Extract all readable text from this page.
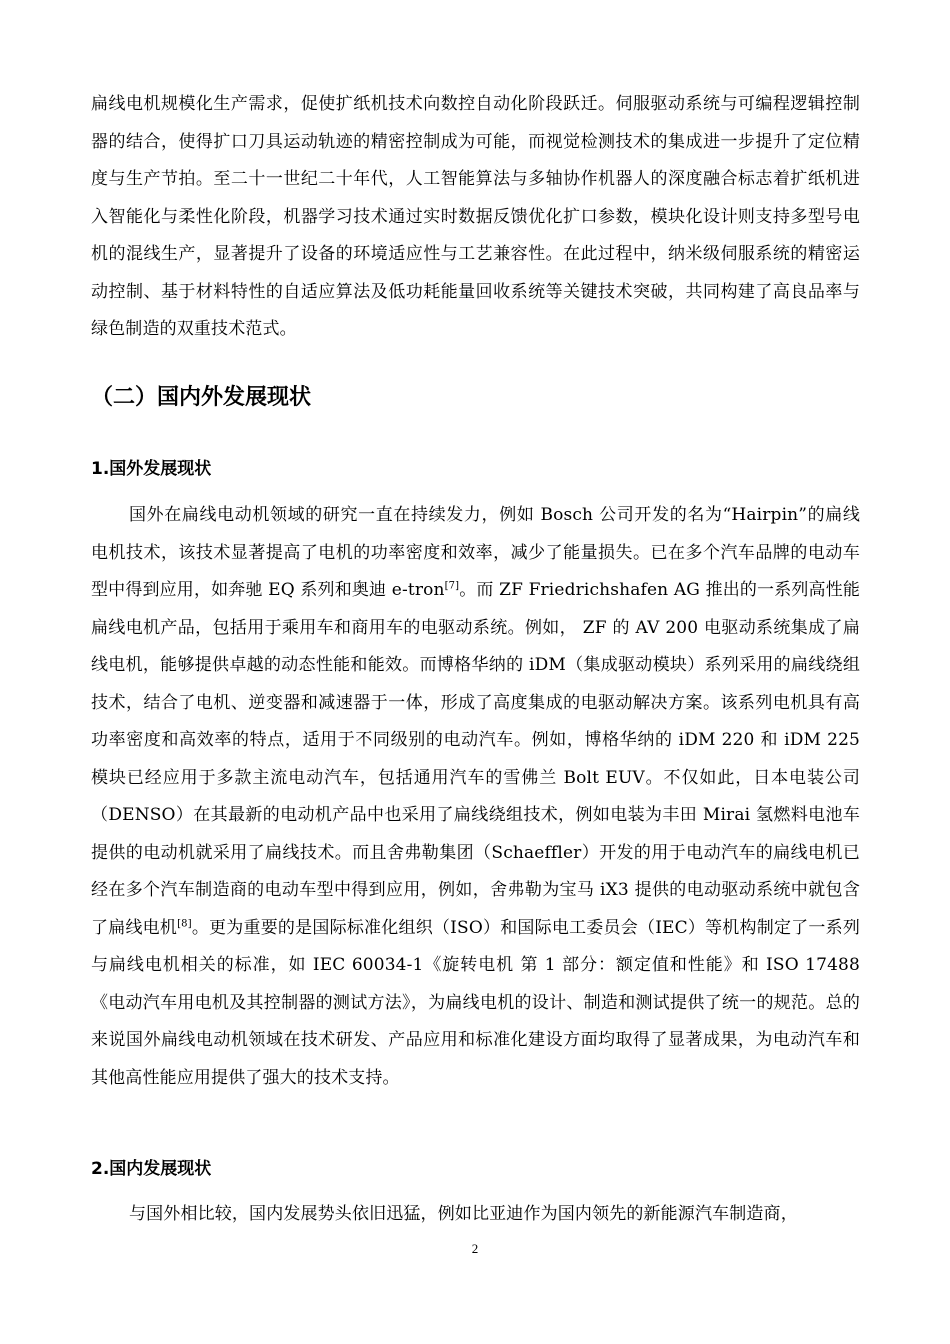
扁线电机规模化生产需求，促使扩纸机技术向数控自动化阶段跃迁。伺服驱动系统与可编程逻辑控制器的结合，使得扩口刀具运动轨迹的精密控制成为可能，而视觉检测技术的集成进一步提升了定位精度与生产节拍。至二十一世纪二十年代，人工智能算法与多轴协作机器人的深度融合标志着扩纸机进入智能化与柔性化阶段，机器学习技术通过实时数据反馈优化扩口参数，模块化设计则支持多型号电机的混线生产，显著提升了设备的环境适应性与工艺兼容性。在此过程中，纳米级伺服系统的精密运动控制、基于材料特性的自适应算法及低功耗能量回收系统等关键技术突破，共同构建了高良品率与绿色制造的双重技术范式。

（二）国内外发展现状
1.国外发展现状

国外在扁线电动机领域的研究一直在持续发力，例如 Bosch 公司开发的名为“Hairpin”的扁线电机技术，该技术显著提高了电机的功率密度和效率，减少了能量损失。已在多个汽车品牌的电动车型中得到应用，如奔驰 EQ 系列和奥迪 e-tron[7]。而 ZF Friedrichshafen AG 推出的一系列高性能扁线电机产品，包括用于乘用车和商用车的电驱动系统。例如， ZF 的 AV 200 电驱动系统集成了扁线电机，能够提供卓越的动态性能和能效。而博格华纳的 iDM（集成驱动模块）系列采用的扁线绕组技术，结合了电机、逆变器和减速器于一体，形成了高度集成的电驱动解决方案。该系列电机具有高功率密度和高效率的特点，适用于不同级别的电动汽车。例如，博格华纳的 iDM 220 和 iDM 225 模块已经应用于多款主流电动汽车，包括通用汽车的雪佛兰 Bolt EUV。不仅如此，日本电装公司（DENSO）在其最新的电动机产品中也采用了扁线绕组技术，例如电装为丰田 Mirai 氢燃料电池车提供的电动机就采用了扁线技术。而且舍弗勒集团（Schaeffler）开发的用于电动汽车的扁线电机已经在多个汽车制造商的电动车型中得到应用，例如，舍弗勒为宝马 iX3 提供的电动驱动系统中就包含了扁线电机[8]。更为重要的是国际标准化组织（ISO）和国际电工委员会（IEC）等机构制定了一系列与扁线电机相关的标准，如 IEC 60034-1《旋转电机 第 1 部分：额定值和性能》和 ISO 17488《电动汽车用电机及其控制器的测试方法》，为扁线电机的设计、制造和测试提供了统一的规范。总的来说国外扁线电动机领域在技术研发、产品应用和标准化建设方面均取得了显著成果，为电动汽车和其他高性能应用提供了强大的技术支持。

2.国内发展现状

与国外相比较，国内发展势头依旧迅猛，例如比亚迪作为国内领先的新能源汽车制造商，

2
